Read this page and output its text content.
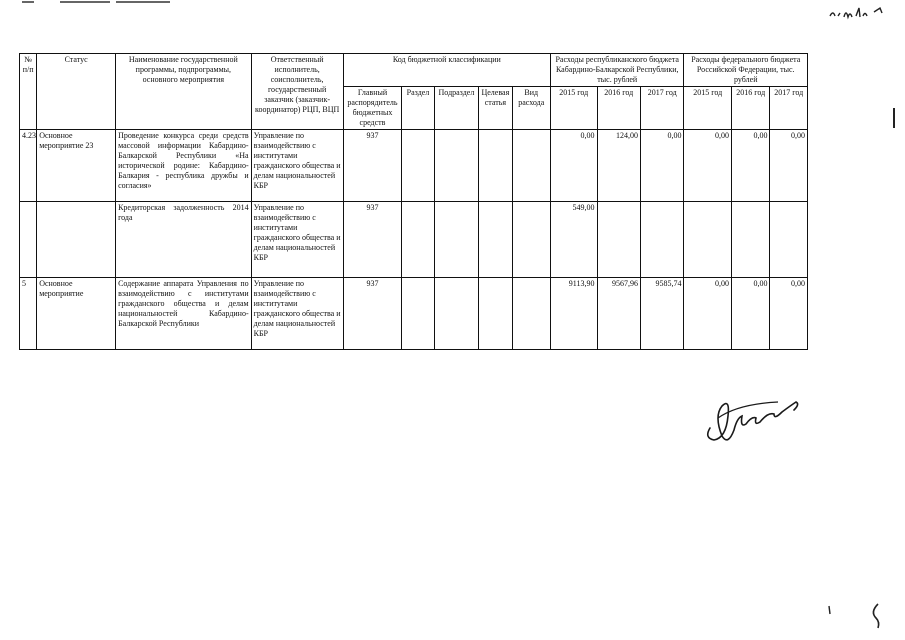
№ п/п	Статус	Наименование государственной программы, подпрограммы, основного мероприятия	Ответственный исполнитель, соисполнитель, государственный заказчик (заказчик-координатор) РЦП, ВЦП	Код бюджетной классификации					Расходы республиканского бюджета Кабардино-Балкарской Республики, тыс. рублей			Расходы федерального бюджета Российской Федерации, тыс. рублей		
				Главный распорядитель бюджетных средств	Раздел	Подраздел	Целевая статья	Вид расхода	2015 год	2016 год	2017 год	2015 год	2016 год	2017 год
4.23	Основное мероприятие 23	Проведение конкурса среди средств массовой информации Кабардино-Балкарской Республики «На исторической родине: Кабардино-Балкария - республика дружбы и согласия»	Управление по взаимодействию с институтами гражданского общества и делам национальностей КБР	937					0,00	124,00	0,00	0,00	0,00	0,00
		Кредиторская задолженность 2014 года	Управление по взаимодействию с институтами гражданского общества и делам национальностей КБР	937					549,00					
5	Основное мероприятие	Содержание аппарата Управления по взаимодействию с институтами гражданского общества и делам национальностей Кабардино-Балкарской Республики	Управление по взаимодействию с институтами гражданского общества и делам национальностей КБР	937					9113,90	9567,96	9585,74	0,00	0,00	0,00
